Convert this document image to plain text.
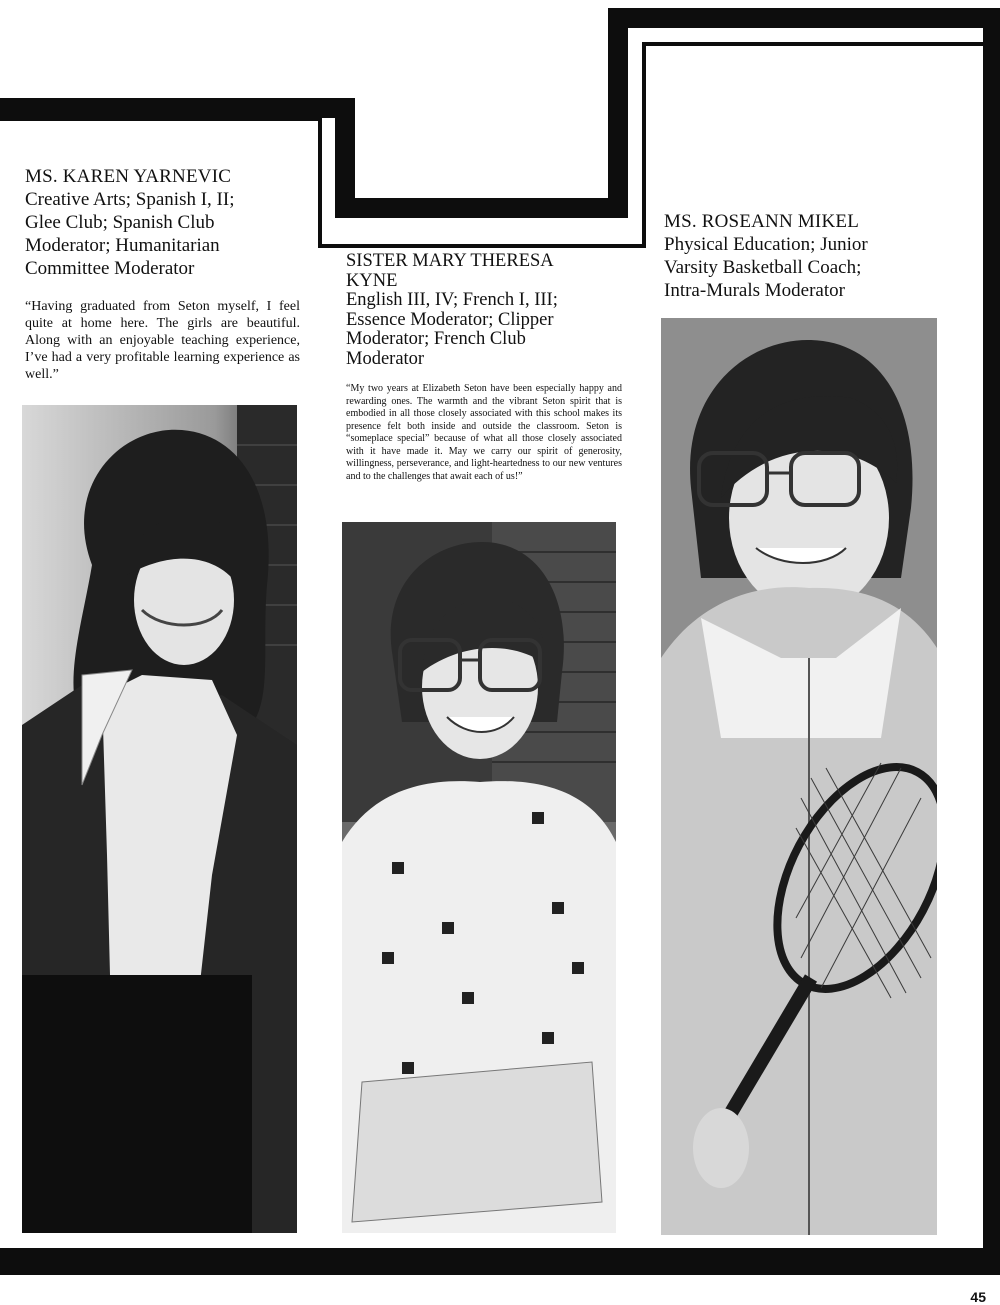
MS. KAREN YARNEVIC
Creative Arts; Spanish I, II;
Glee Club; Spanish Club
Moderator; Humanitarian
Committee Moderator
“Having graduated from Seton myself, I feel quite at home here. The girls are beautiful. Along with an enjoyable teaching experience, I’ve had a very profitable learning experience as well.”
SISTER MARY THERESA
KYNE
English III, IV; French I, III;
Essence Moderator; Clipper
Moderator; French Club
Moderator
“My two years at Elizabeth Seton have been especially happy and rewarding ones. The warmth and the vibrant Seton spirit that is embodied in all those closely associated with this school makes its presence felt both inside and outside the classroom. Seton is “someplace special” because of what all those closely associated with it have made it. May we carry our spirit of generosity, willingness, perseverance, and light-heartedness to our new ventures and to the challenges that await each of us!”
MS. ROSEANN MIKEL
Physical Education; Junior
Varsity Basketball Coach;
Intra-Murals Moderator
45
